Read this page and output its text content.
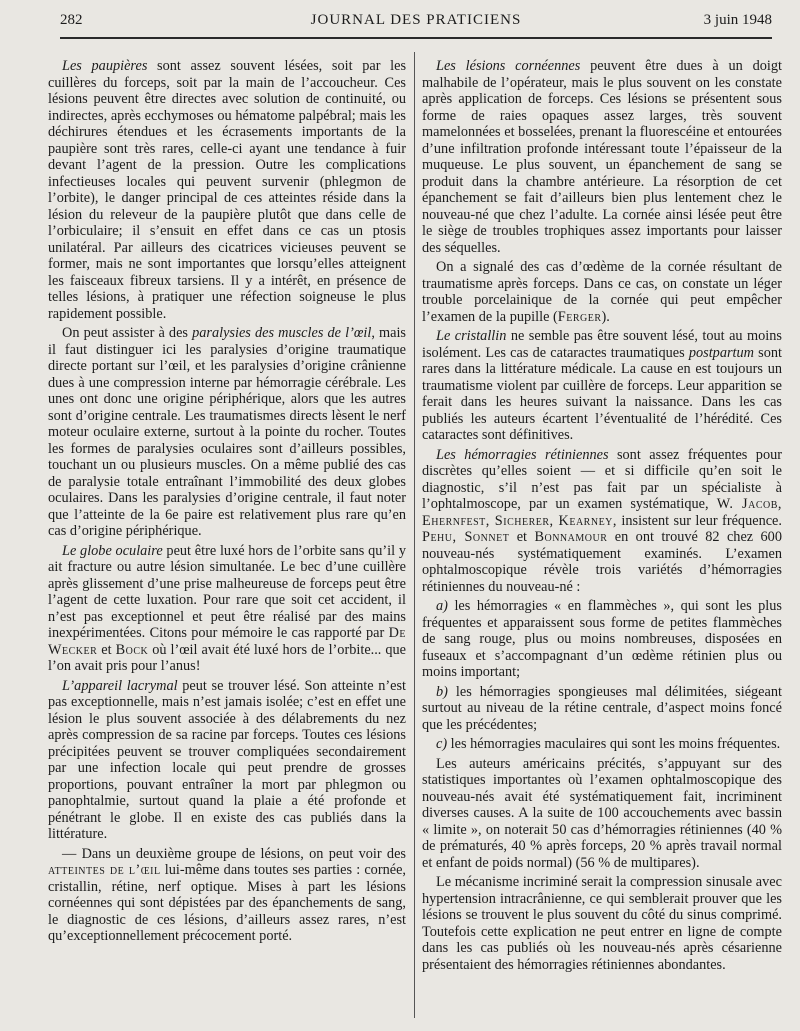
282	JOURNAL DES PRATICIENS	3 juin 1948

Les paupières sont assez souvent lésées, soit par les cuillères du forceps, soit par la main de l’accoucheur. Ces lésions peuvent être directes avec solution de continuité, ou indirectes, après ecchymoses ou hématome palpébral; mais les déchirures étendues et les écrasements importants de la paupière sont très rares, celle-ci ayant une tendance à fuir devant l’agent de la pression. Outre les complications infectieuses locales qui peuvent survenir (phlegmon de l’orbite), le danger principal de ces atteintes réside dans la lésion du releveur de la paupière plutôt que dans celle de l’orbiculaire; il s’ensuit en effet dans ce cas un ptosis unilatéral. Par ailleurs des cicatrices vicieuses peuvent se former, mais ne sont importantes que lorsqu’elles atteignent les faisceaux fibreux tarsiens. Il y a intérêt, en présence de telles lésions, à pratiquer une réfection soigneuse le plus rapidement possible.

On peut assister à des paralysies des muscles de l’œil, mais il faut distinguer ici les paralysies d’origine traumatique directe portant sur l’œil, et les paralysies d’origine crânienne dues à une compression interne par hémorragie cérébrale. Les unes ont donc une origine périphérique, alors que les autres sont d’origine centrale. Les traumatismes directs lèsent le nerf moteur oculaire externe, surtout à la pointe du rocher. Toutes les formes de paralysies oculaires sont d’ailleurs possibles, touchant un ou plusieurs muscles. On a même publié des cas de paralysie totale entraînant l’immobilité des deux globes oculaires. Dans les paralysies d’origine centrale, il faut noter que l’atteinte de la 6e paire est relativement plus rare qu’en cas d’origine périphérique.

Le globe oculaire peut être luxé hors de l’orbite sans qu’il y ait fracture ou autre lésion simultanée. Le bec d’une cuillère après glissement d’une prise malheureuse de forceps peut être l’agent de cette luxation. Pour rare que soit cet accident, il n’est pas exceptionnel et peut être réalisé par des mains inexpérimentées. Citons pour mémoire le cas rapporté par De Wecker et Bock où l’œil avait été luxé hors de l’orbite... que l’on avait pris pour l’anus!

L’appareil lacrymal peut se trouver lésé. Son atteinte n’est pas exceptionnelle, mais n’est jamais isolée; c’est en effet une lésion le plus souvent associée à des délabrements du nez après compression de sa racine par forceps. Toutes ces lésions précipitées peuvent se trouver compliquées secondairement par une infection locale qui peut prendre de grosses proportions, pouvant entraîner la mort par phlegmon ou panophtalmie, surtout quand la plaie a été profonde et pénétrant le globe. Il en existe des cas publiés dans la littérature.

— Dans un deuxième groupe de lésions, on peut voir des atteintes de l’œil lui-même dans toutes ses parties : cornée, cristallin, rétine, nerf optique. Mises à part les lésions cornéennes qui sont dépistées par des épanchements de sang, le diagnostic de ces lésions, d’ailleurs assez rares, n’est qu’exceptionnellement précocement porté.

Les lésions cornéennes peuvent être dues à un doigt malhabile de l’opérateur, mais le plus souvent on les constate après application de forceps. Ces lésions se présentent sous forme de raies opaques assez larges, très souvent mamelonnées et bosselées, prenant la fluorescéine et entourées d’une infiltration profonde intéressant toute l’épaisseur de la muqueuse. Le plus souvent, un épanchement de sang se produit dans la chambre antérieure. La résorption de cet épanchement se fait d’ailleurs bien plus lentement chez le nouveau-né que chez l’adulte. La cornée ainsi lésée peut être le siège de troubles trophiques assez importants pour laisser des séquelles.

On a signalé des cas d’œdème de la cornée résultant de traumatisme après forceps. Dans ce cas, on constate un léger trouble porcelainique de la cornée qui peut empêcher l’examen de la pupille (Ferger).

Le cristallin ne semble pas être souvent lésé, tout au moins isolément. Les cas de cataractes traumatiques postpartum sont rares dans la littérature médicale. La cause en est toujours un traumatisme violent par cuillère de forceps. Leur apparition se ferait dans les heures suivant la naissance. Dans les cas publiés les auteurs écartent l’éventualité de l’hérédité. Ces cataractes sont définitives.

Les hémorragies rétiniennes sont assez fréquentes pour discrètes qu’elles soient — et si difficile qu’en soit le diagnostic, s’il n’est pas fait par un spécialiste à l’ophtalmoscope, par un examen systématique, W. Jacob, Ehernfest, Sicherer, Kearney, insistent sur leur fréquence. Pehu, Sonnet et Bonnamour en ont trouvé 82 chez 600 nouveau-nés systématiquement examinés. L’examen ophtalmoscopique révèle trois variétés d’hémorragies rétiniennes du nouveau-né :

a) les hémorragies « en flammèches », qui sont les plus fréquentes et apparaissent sous forme de petites flammèches de sang rouge, plus ou moins nombreuses, disposées en fuseaux et s’accompagnant d’un œdème rétinien plus ou moins important;

b) les hémorragies spongieuses mal délimitées, siégeant surtout au niveau de la rétine centrale, d’aspect moins foncé que les précédentes;

c) les hémorragies maculaires qui sont les moins fréquentes.

Les auteurs américains précités, s’appuyant sur des statistiques importantes où l’examen ophtalmoscopique des nouveau-nés avait été systématiquement fait, incriminent diverses causes. A la suite de 100 accouchements avec bassin « limite », on noterait 50 cas d’hémorragies rétiniennes (40 % de prématurés, 40 % après forceps, 20 % après travail normal et enfant de poids normal) (56 % de multipares).

Le mécanisme incriminé serait la compression sinusale avec hypertension intracrânienne, ce qui semblerait prouver que les lésions se trouvent le plus souvent du côté du sinus comprimé. Toutefois cette explication ne peut entrer en ligne de compte dans les cas publiés où les nouveau-nés après césarienne présentaient des hémorragies rétiniennes abondantes.
